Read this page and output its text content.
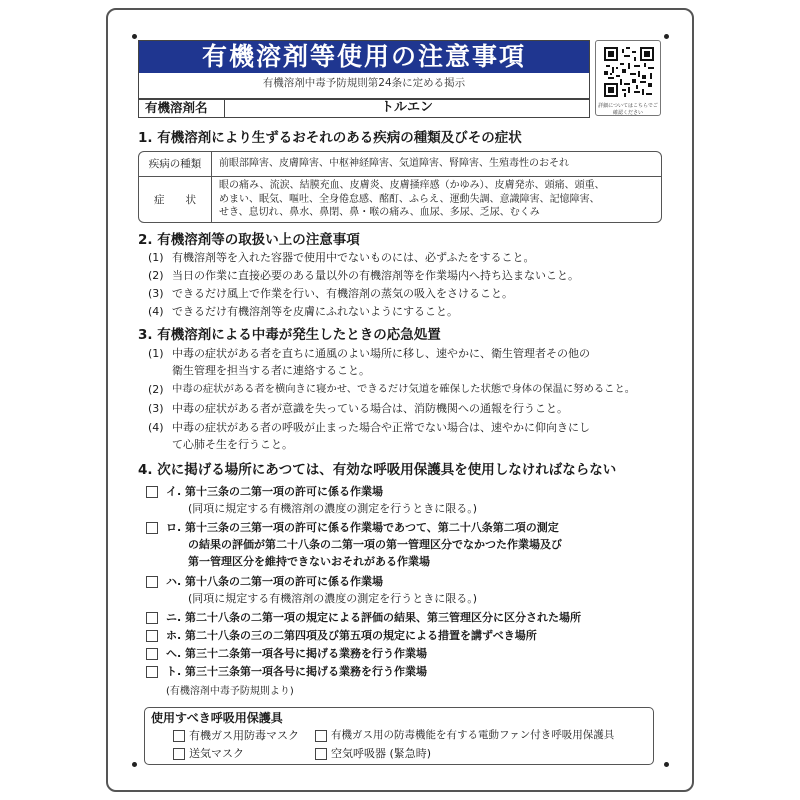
有機溶剤等使用の注意事項
有機溶剤中毒予防規則第24条に定める掲示
詳細についてはこちらでご確認ください
有機溶剤名	トルエン
1. 有機溶剤により生ずるおそれのある疾病の種類及びその症状
疾病の種類	前眼部障害、皮膚障害、中枢神経障害、気道障害、腎障害、生殖毒性のおそれ
症　　状
眼の痛み、流涙、結膜充血、皮膚炎、皮膚掻痒感（かゆみ）、皮膚発赤、頭痛、頭重、
めまい、眠気、嘔吐、全身倦怠感、酩酊、ふらえ、運動失調、意識障害、記憶障害、
せき、息切れ、鼻水、鼻閉、鼻・喉の痛み、血尿、多尿、乏尿、むくみ
2. 有機溶剤等の取扱い上の注意事項
(1) 有機溶剤等を入れた容器で使用中でないものには、必ずふたをすること。
(2) 当日の作業に直接必要のある量以外の有機溶剤等を作業場内へ持ち込まないこと。
(3) できるだけ風上で作業を行い、有機溶剤の蒸気の吸入をさけること。
(4) できるだけ有機溶剤等を皮膚にふれないようにすること。
3. 有機溶剤による中毒が発生したときの応急処置
(1) 中毒の症状がある者を直ちに通風のよい場所に移し、速やかに、衛生管理者その他の
衛生管理を担当する者に連絡すること。
(2) 中毒の症状がある者を横向きに寝かせ、できるだけ気道を確保した状態で身体の保温に努めること。
(3) 中毒の症状がある者が意識を失っている場合は、消防機関への通報を行うこと。
(4) 中毒の症状がある者の呼吸が止まった場合や正常でない場合は、速やかに仰向きにし
て心肺そ生を行うこと。
4. 次に掲げる場所にあつては、有効な呼吸用保護具を使用しなければならない
イ. 第十三条の二第一項の許可に係る作業場
(同項に規定する有機溶剤の濃度の測定を行うときに限る。)
ロ. 第十三条の三第一項の許可に係る作業場であつて、第二十八条第二項の測定
の結果の評価が第二十八条の二第一項の第一管理区分でなかつた作業場及び
第一管理区分を維持できないおそれがある作業場
ハ. 第十八条の二第一項の許可に係る作業場
(同項に規定する有機溶剤の濃度の測定を行うときに限る。)
ニ. 第二十八条の二第一項の規定による評価の結果、第三管理区分に区分された場所
ホ. 第二十八条の三の二第四項及び第五項の規定による措置を講ずべき場所
ヘ. 第三十二条第一項各号に掲げる業務を行う作業場
ト. 第三十三条第一項各号に掲げる業務を行う作業場
(有機溶剤中毒予防規則より)
使用すべき呼吸用保護具
有機ガス用防毒マスク	有機ガス用の防毒機能を有する電動ファン付き呼吸用保護具
送気マスク	空気呼吸器 (緊急時)
